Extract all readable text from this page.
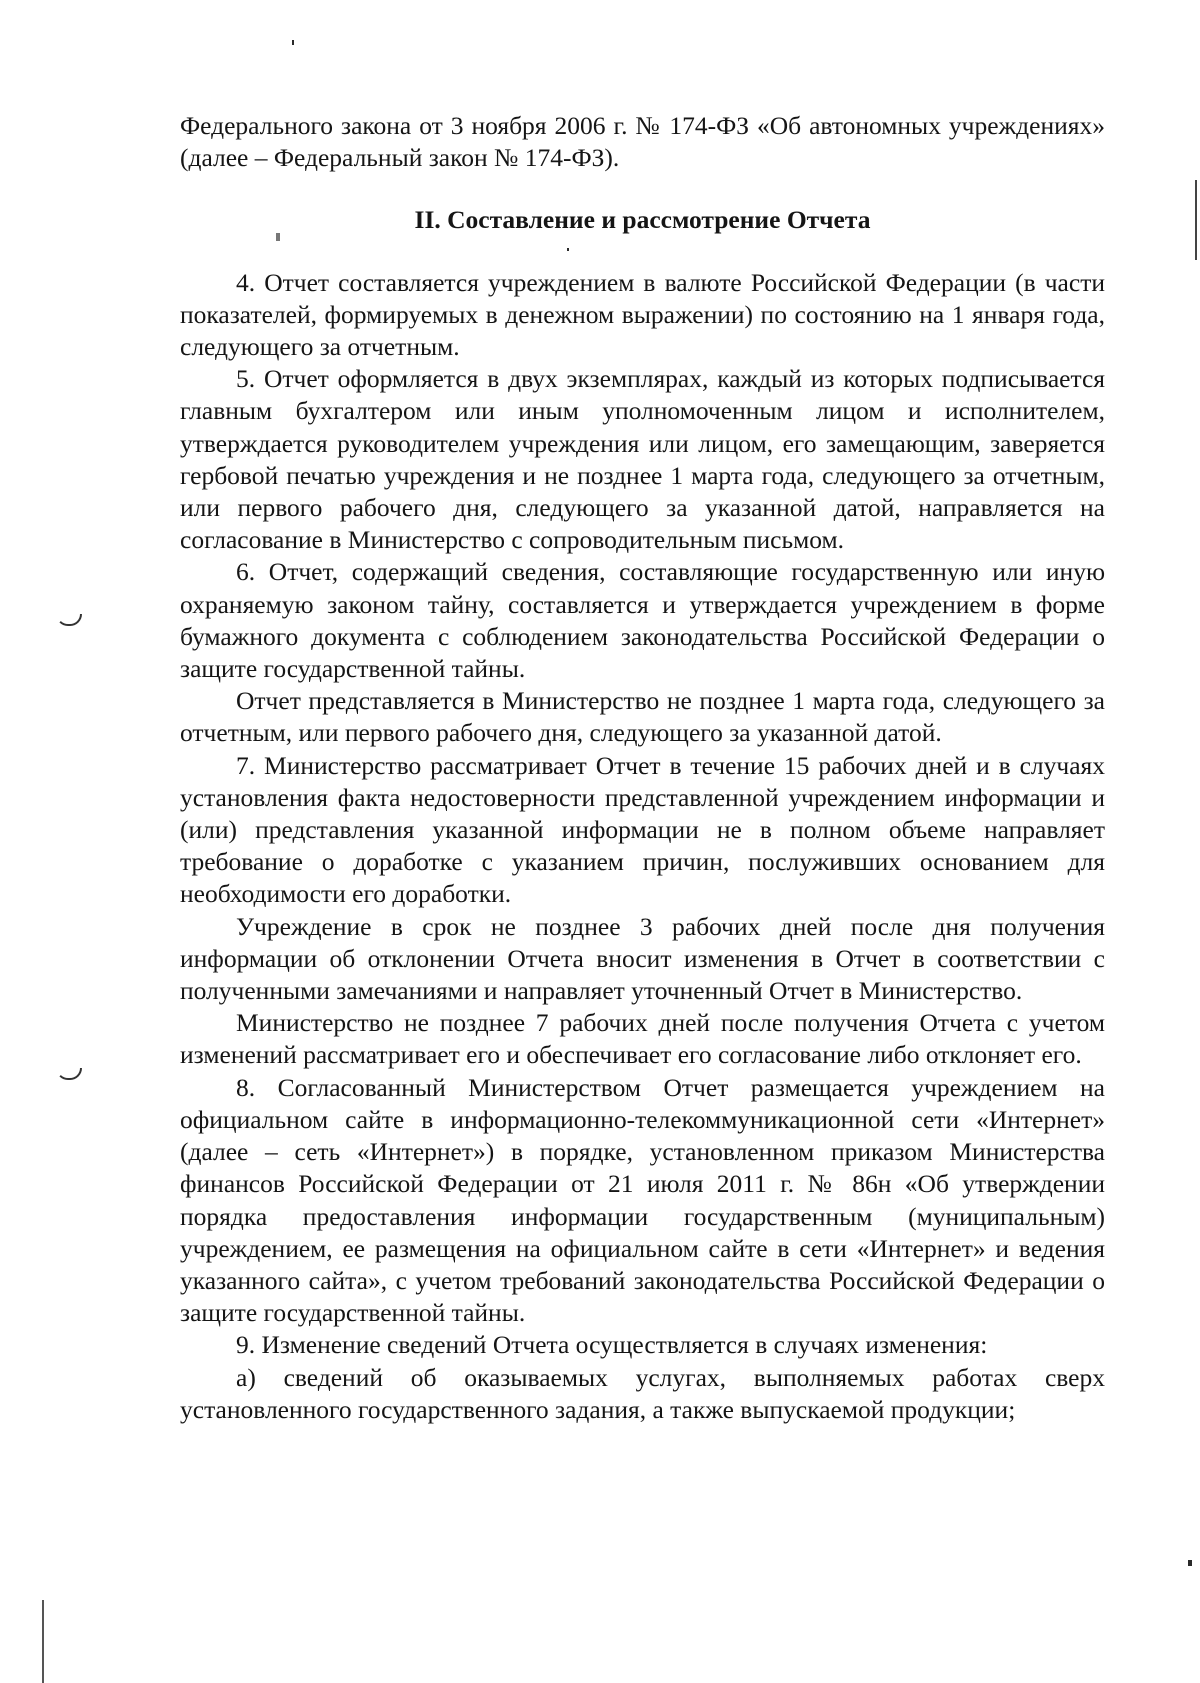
Федерального закона от 3 ноября 2006 г. № 174-ФЗ «Об автономных учреждениях» (далее – Федеральный закон № 174-ФЗ).

II. Составление и рассмотрение Отчета

4. Отчет составляется учреждением в валюте Российской Федерации (в части показателей, формируемых в денежном выражении) по состоянию на 1 января года, следующего за отчетным.

5. Отчет оформляется в двух экземплярах, каждый из которых подписывается главным бухгалтером или иным уполномоченным лицом и исполнителем, утверждается руководителем учреждения или лицом, его замещающим, заверяется гербовой печатью учреждения и не позднее 1 марта года, следующего за отчетным, или первого рабочего дня, следующего за указанной датой, направляется на согласование в Министерство с сопроводительным письмом.

6. Отчет, содержащий сведения, составляющие государственную или иную охраняемую законом тайну, составляется и утверждается учреждением в форме бумажного документа с соблюдением законодательства Российской Федерации о защите государственной тайны.

Отчет представляется в Министерство не позднее 1 марта года, следующего за отчетным, или первого рабочего дня, следующего за указанной датой.

7. Министерство рассматривает Отчет в течение 15 рабочих дней и в случаях установления факта недостоверности представленной учреждением информации и (или) представления указанной информации не в полном объеме направляет требование о доработке с указанием причин, послуживших основанием для необходимости его доработки.

Учреждение в срок не позднее 3 рабочих дней после дня получения информации об отклонении Отчета вносит изменения в Отчет в соответствии с полученными замечаниями и направляет уточненный Отчет в Министерство.

Министерство не позднее 7 рабочих дней после получения Отчета с учетом изменений рассматривает его и обеспечивает его согласование либо отклоняет его.

8. Согласованный Министерством Отчет размещается учреждением на официальном сайте в информационно-телекоммуникационной сети «Интернет» (далее – сеть «Интернет») в порядке, установленном приказом Министерства финансов Российской Федерации от 21 июля 2011 г. № 86н «Об утверждении порядка предоставления информации государственным (муниципальным) учреждением, ее размещения на официальном сайте в сети «Интернет» и ведения указанного сайта», с учетом требований законодательства Российской Федерации о защите государственной тайны.

9. Изменение сведений Отчета осуществляется в случаях изменения:

а) сведений об оказываемых услугах, выполняемых работах сверх установленного государственного задания, а также выпускаемой продукции;
